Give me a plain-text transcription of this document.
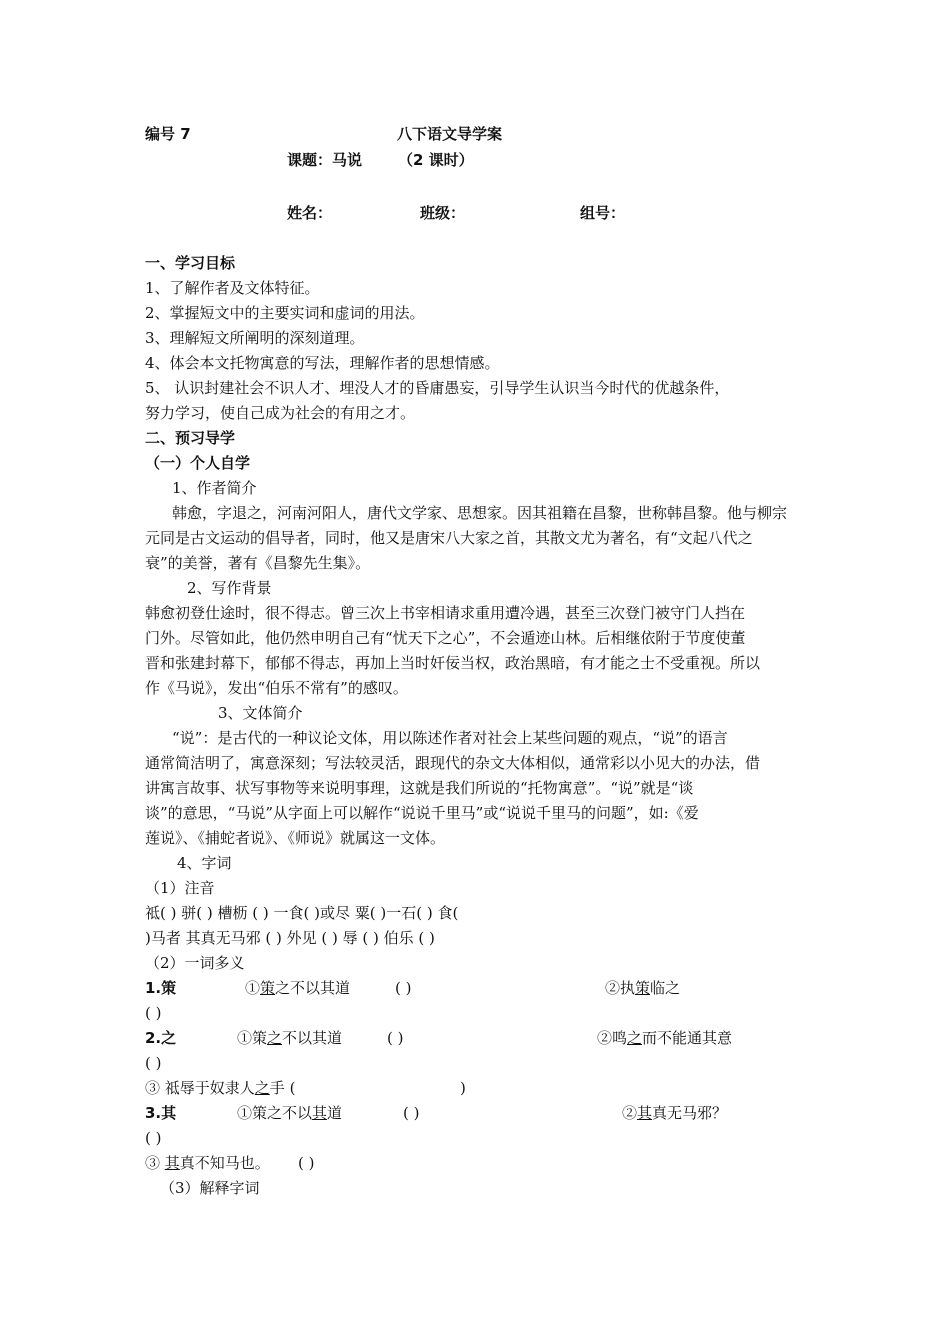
编号 7	八下语文导学案
课题：马说 （2 课时）
姓名：	班级：	组号：
一、学习目标
1、了解作者及文体特征。
2、掌握短文中的主要实词和虚词的用法。
3、理解短文所阐明的深刻道理。
4、体会本文托物寓意的写法，理解作者的思想情感。
5、 认识封建社会不识人才、埋没人才的昏庸愚妄，引导学生认识当今时代的优越条件，
努力学习，使自己成为社会的有用之才。
二、预习导学
（一）个人自学
1、作者简介
韩愈，字退之，河南河阳人，唐代文学家、思想家。因其祖籍在昌黎，世称韩昌黎。他与柳宗
元同是古文运动的倡导者，同时，他又是唐宋八大家之首，其散文尤为著名，有“文起八代之
衰”的美誉，著有《昌黎先生集》。
2、写作背景
韩愈初登仕途时，很不得志。曾三次上书宰相请求重用遭冷遇，甚至三次登门被守门人挡在
门外。尽管如此，他仍然申明自己有“忧天下之心”，不会遁迹山林。后相继依附于节度使董
晋和张建封幕下，郁郁不得志，再加上当时奸佞当权，政治黑暗，有才能之士不受重视。所以
作《马说》，发出“伯乐不常有”的感叹。
3、文体简介
“说”：是古代的一种议论文体，用以陈述作者对社会上某些问题的观点，“说”的语言
通常简洁明了，寓意深刻；写法较灵活，跟现代的杂文大体相似，通常彩以小见大的办法，借
讲寓言故事、状写事物等来说明事理，这就是我们所说的“托物寓意”。“说”就是“谈
谈”的意思，“马说”从字面上可以解作“说说千里马”或“说说千里马的问题”，如:《爱
莲说》、《捕蛇者说》、《师说》就属这一文体。
4、字词
（1）注音
祗( ) 骈( ) 槽枥 ( ) 一食( )或尽 粟( )一石( ) 食(
)马者 其真无马邪 ( ) 外见 ( ) 辱 ( ) 伯乐 ( )
（2）一词多义
1.策	①策之不以其道	( )	②执策临之
( )
2.之	①策之不以其道	( )	②鸣之而不能通其意
( )
③ 祗辱于奴隶人之手 (	)
3.其	①策之不以其道	( )	②其真无马邪？
( )
③ 其真不知马也。 ( )
（3）解释字词
